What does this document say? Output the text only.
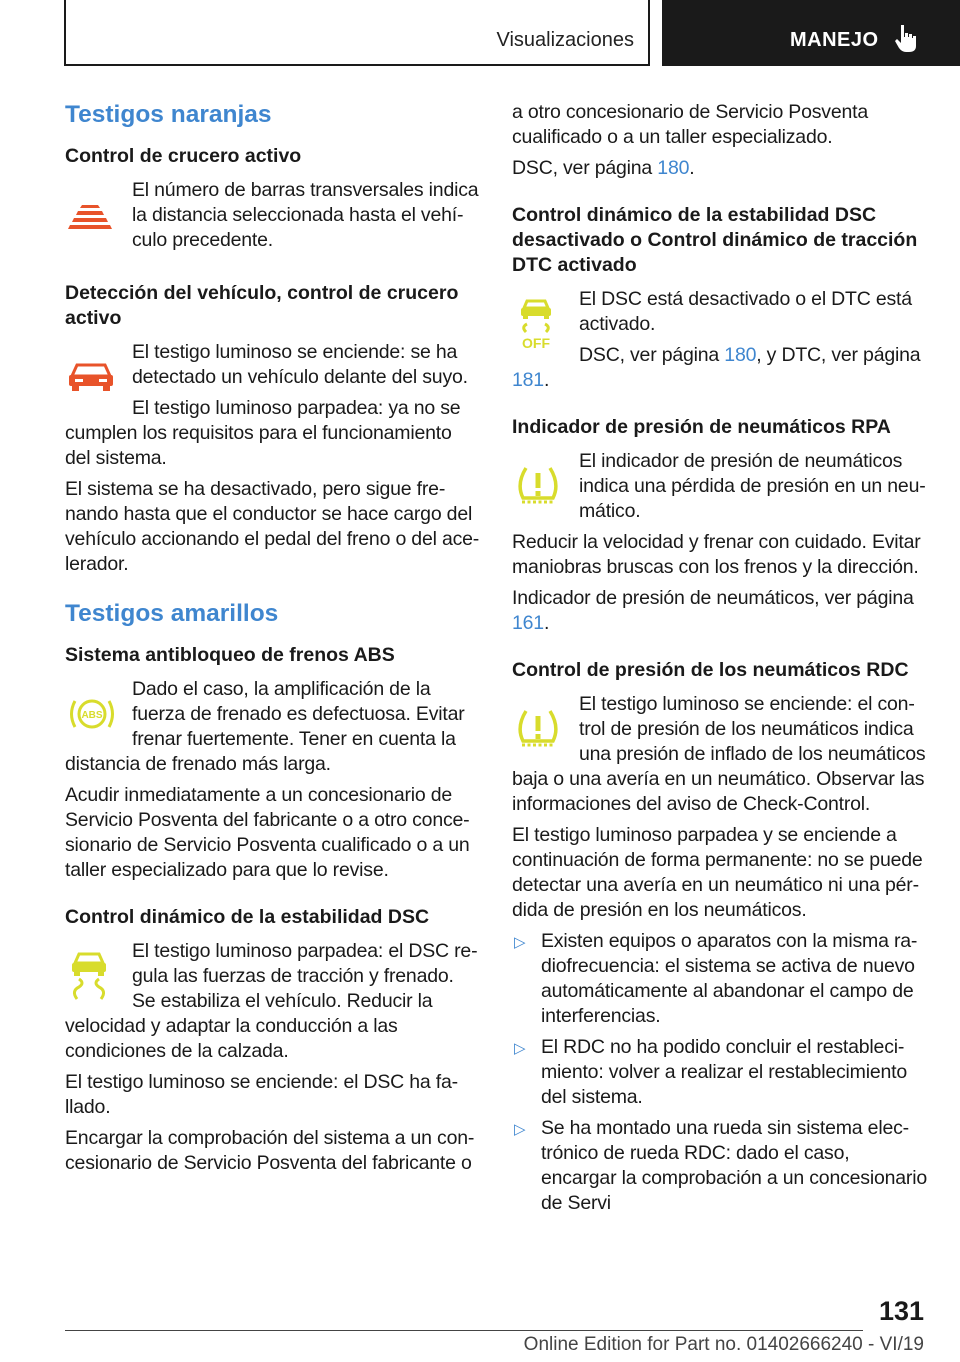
Visualizaciones	MANEJO
Testigos naranjas
Control de crucero activo

El número de barras transversales indica la distancia seleccionada hasta el vehículo precedente.

Detección del vehículo, control de crucero activo

El testigo luminoso se enciende: se ha detectado un vehículo delante del suyo.

El testigo luminoso parpadea: ya no se cumplen los requisitos para el funcionamiento del sistema.

El sistema se ha desactivado, pero sigue frenando hasta que el conductor se hace cargo del vehículo accionando el pedal del freno o del acelerador.

Testigos amarillos
Sistema antibloqueo de frenos ABS
ABS

Dado el caso, la amplificación de la fuerza de frenado es defectuosa. Evitar frenar fuertemente. Tener en cuenta la distancia de frenado más larga.

Acudir inmediatamente a un concesionario de Servicio Posventa del fabricante o a otro concesionario de Servicio Posventa cualificado o a un taller especializado para que lo revise.

Control dinámico de la estabilidad DSC

El testigo luminoso parpadea: el DSC regula las fuerzas de tracción y frenado. Se estabiliza el vehículo. Reducir la velocidad y adaptar la conducción a las condiciones de la calzada.

El testigo luminoso se enciende: el DSC ha fallado.

Encargar la comprobación del sistema a un concesionario de Servicio Posventa del fabricante o

a otro concesionario de Servicio Posventa cualificado o a un taller especializado.

DSC, ver página 180.

Control dinámico de la estabilidad DSC desactivado o Control dinámico de tracción DTC activado
OFF

El DSC está desactivado o el DTC está activado.

DSC, ver página 180, y DTC, ver página 181.

Indicador de presión de neumáticos RPA

El indicador de presión de neumáticos indica una pérdida de presión en un neumático.

Reducir la velocidad y frenar con cuidado. Evitar maniobras bruscas con los frenos y la dirección.

Indicador de presión de neumáticos, ver página 161.

Control de presión de los neumáticos RDC

El testigo luminoso se enciende: el control de presión de los neumáticos indica una presión de inflado de los neumáticos baja o una avería en un neumático. Observar las informaciones del aviso de Check-Control.

El testigo luminoso parpadea y se enciende a continuación de forma permanente: no se puede detectar una avería en un neumático ni una pérdida de presión en los neumáticos.

▷ Existen equipos o aparatos con la misma radiofrecuencia: el sistema se activa de nuevo automáticamente al abandonar el campo de interferencias.
▷ El RDC no ha podido concluir el restablecimiento: volver a realizar el restablecimiento del sistema.
▷ Se ha montado una rueda sin sistema electrónico de rueda RDC: dado el caso, encargar la comprobación a un concesionario de Servi
131
Online Edition for Part no. 01402666240 - VI/19
